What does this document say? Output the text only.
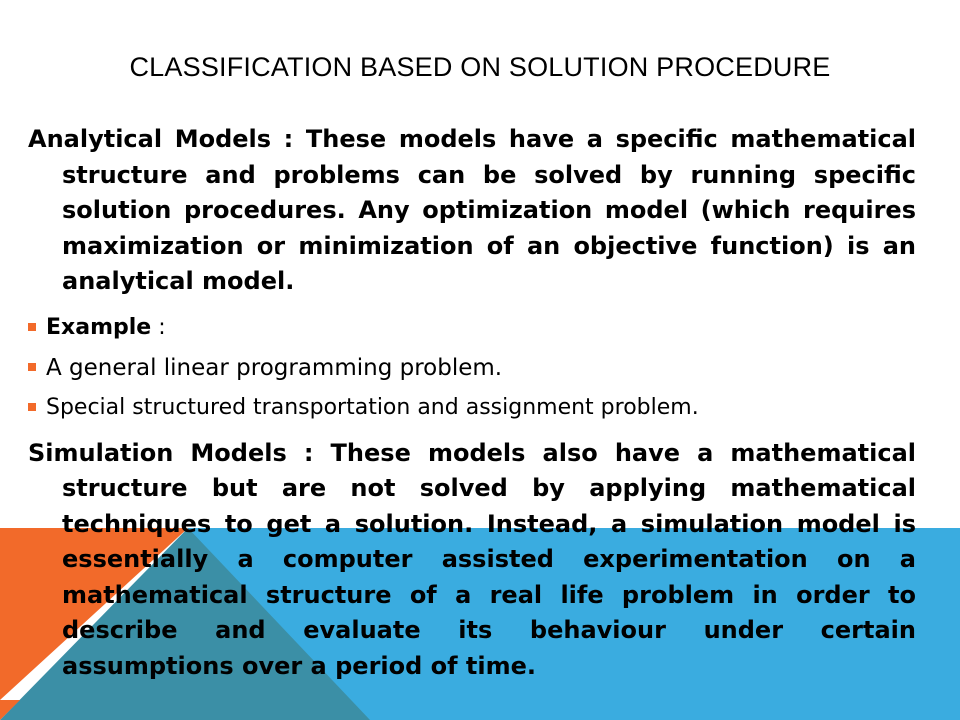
CLASSIFICATION BASED ON SOLUTION PROCEDURE

Analytical Models : These models have a specific mathematical structure and problems can be solved by running specific solution procedures. Any optimization model (which requires maximization or minimization of an objective function) is an analytical model.

Example :
A general linear programming problem.
Special structured transportation and assignment problem.

Simulation Models : These models also have a mathematical structure but are not solved by applying mathematical techniques to get a solution. Instead, a simulation model is essentially a computer assisted experimentation on a mathematical structure of a real life problem in order to describe and evaluate its behaviour under certain assumptions over a period of time.
